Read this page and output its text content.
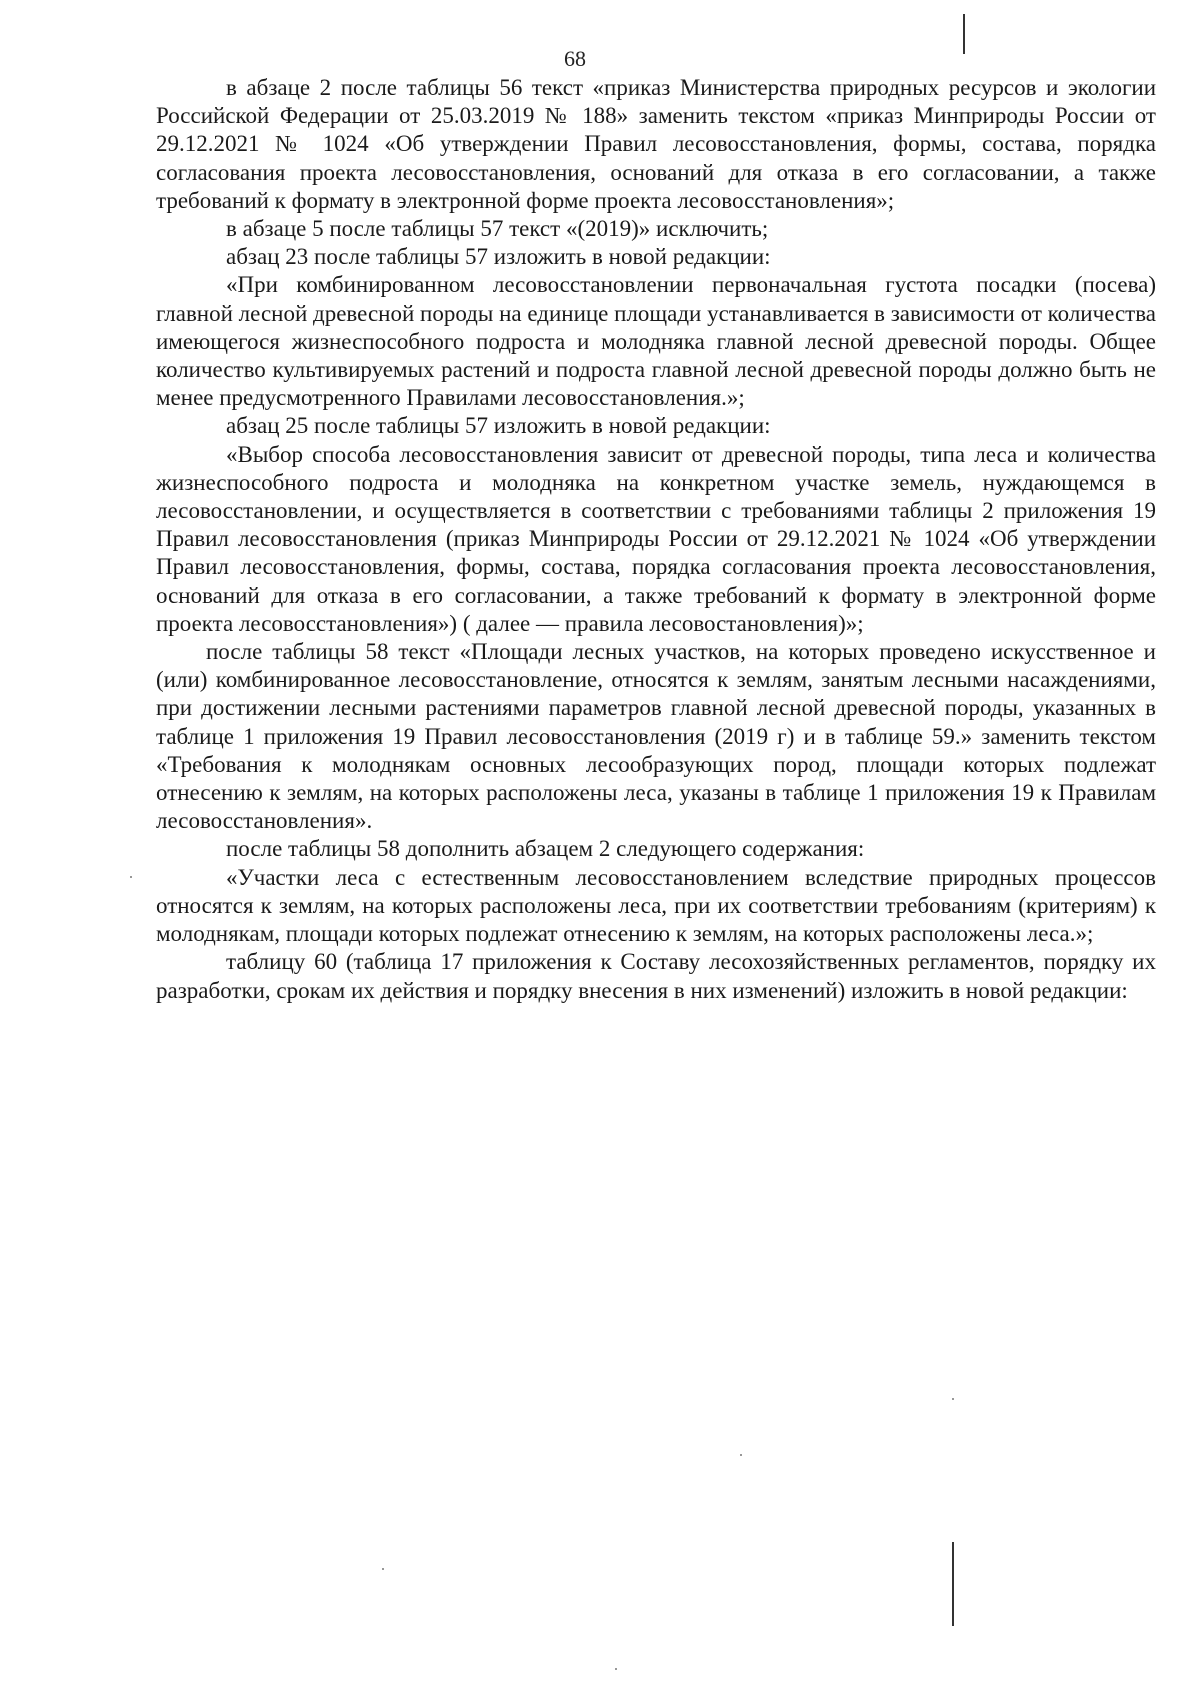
68

в абзаце 2 после таблицы 56 текст «приказ Министерства природных ресурсов и экологии Российской Федерации от 25.03.2019 № 188» заменить текстом «приказ Минприроды России от 29.12.2021 № 1024 «Об утверждении Правил лесовосстановления, формы, состава, порядка согласования проекта лесовосстановления, оснований для отказа в его согласовании, а также требований к формату в электронной форме проекта лесовосстановления»;

в абзаце 5 после таблицы 57 текст «(2019)» исключить;

абзац 23 после таблицы 57 изложить в новой редакции:

«При комбинированном лесовосстановлении первоначальная густота посадки (посева) главной лесной древесной породы на единице площади устанавливается в зависимости от количества имеющегося жизнеспособного подроста и молодняка главной лесной древесной породы. Общее количество культивируемых растений и подроста главной лесной древесной породы должно быть не менее предусмотренного Правилами лесовосстановления.»;

абзац 25 после таблицы 57 изложить в новой редакции:

«Выбор способа лесовосстановления зависит от древесной породы, типа леса и количества жизнеспособного подроста и молодняка на конкретном участке земель, нуждающемся в лесовосстановлении, и осуществляется в соответствии с требованиями таблицы 2 приложения 19 Правил лесовосстановления (приказ Минприроды России от 29.12.2021 № 1024 «Об утверждении Правил лесовосстановления, формы, состава, порядка согласования проекта лесовосстановления, оснований для отказа в его согласовании, а также требований к формату в электронной форме проекта лесовосстановления») ( далее — правила лесовостановления)»;

после таблицы 58 текст «Площади лесных участков, на которых проведено искусственное и (или) комбинированное лесовосстановление, относятся к землям, занятым лесными насаждениями, при достижении лесными растениями параметров главной лесной древесной породы, указанных в таблице 1 приложения 19 Правил лесовосстановления (2019 г) и в таблице 59.» заменить текстом «Требования к молоднякам основных лесообразующих пород, площади которых подлежат отнесению к землям, на которых расположены леса, указаны в таблице 1 приложения 19 к Правилам лесовосстановления».

после таблицы 58 дополнить абзацем 2 следующего содержания:

«Участки леса с естественным лесовосстановлением вследствие природных процессов относятся к землям, на которых расположены леса, при их соответствии требованиям (критериям) к молоднякам, площади которых подлежат отнесению к землям, на которых расположены леса.»;

таблицу 60 (таблица 17 приложения к Составу лесохозяйственных регламентов, порядку их разработки, срокам их действия и порядку внесения в них изменений) изложить в новой редакции:
